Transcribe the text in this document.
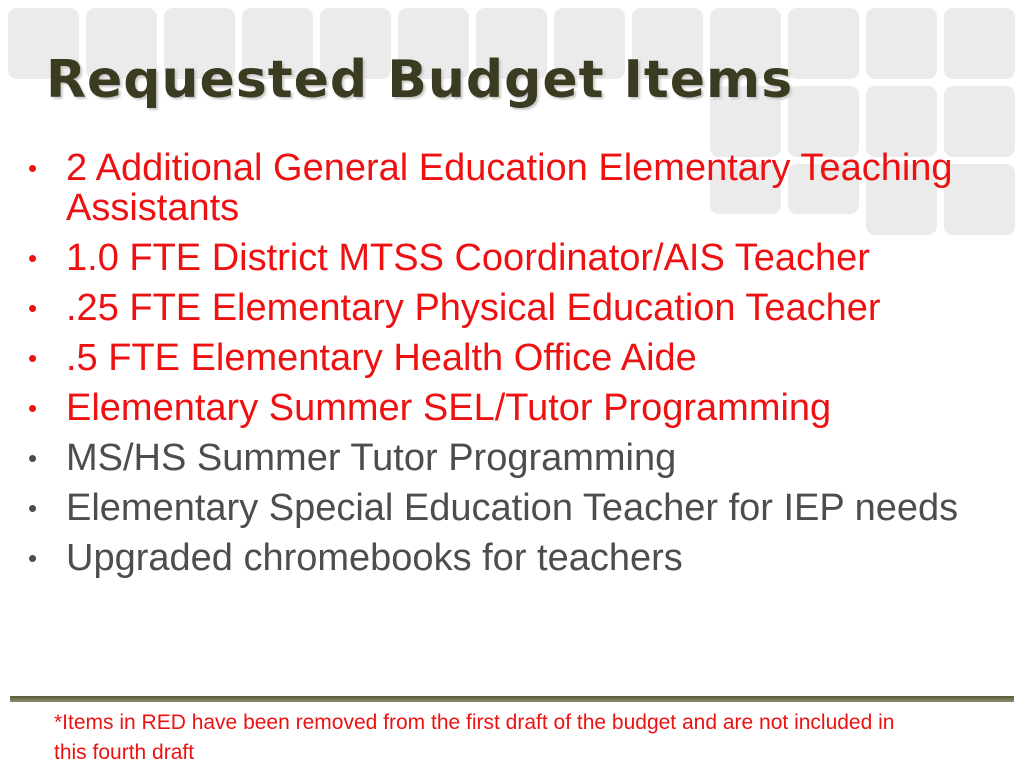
Requested Budget Items
• 2 Additional General Education Elementary Teaching Assistants
• 1.0 FTE District MTSS Coordinator/AIS Teacher
• .25 FTE Elementary Physical Education Teacher
• .5 FTE Elementary Health Office Aide
• Elementary Summer SEL/Tutor Programming
• MS/HS Summer Tutor Programming
• Elementary Special Education Teacher for IEP needs
• Upgraded chromebooks for teachers

*Items in RED have been removed from the first draft of the budget and are not included in this fourth draft
